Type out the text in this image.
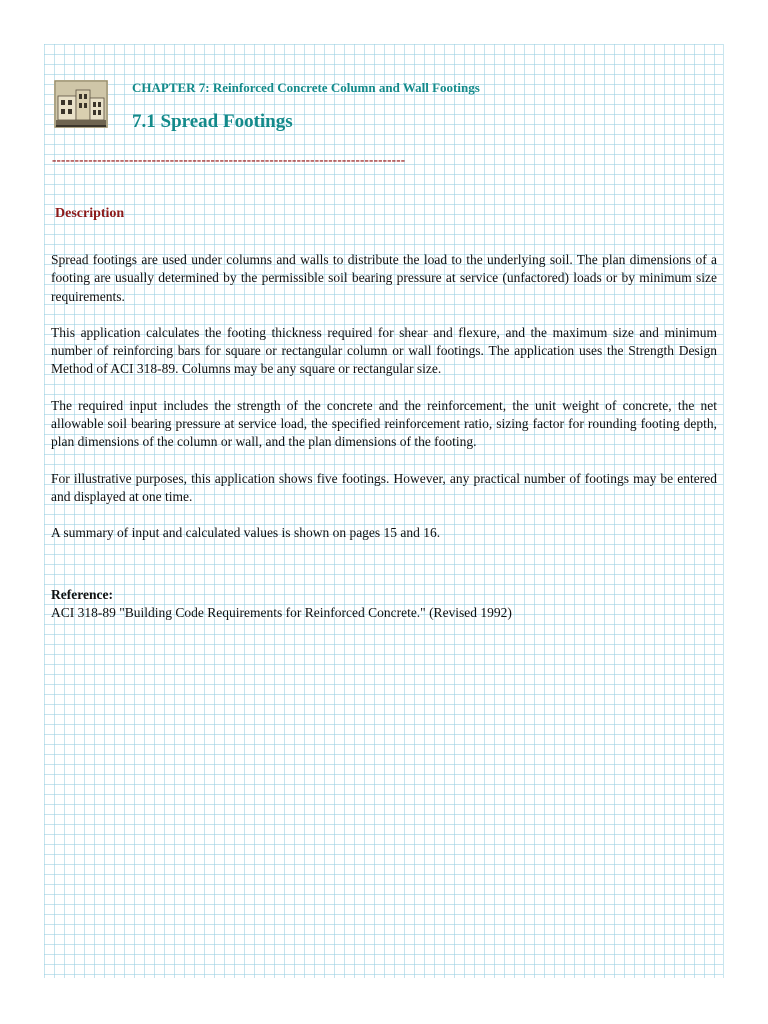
CHAPTER 7: Reinforced Concrete Column and Wall Footings
7.1 Spread Footings
------------------------------------------------------------------------------
Description

Spread footings are used under columns and walls to distribute the load to the underlying soil. The plan dimensions of a footing are usually determined by the permissible soil bearing pressure at service (unfactored) loads or by minimum size requirements.

This application calculates the footing thickness required for shear and flexure, and the maximum size and minimum number of reinforcing bars for square or rectangular column or wall footings. The application uses the Strength Design Method of ACI 318-89. Columns may be any square or rectangular size.

The required input includes the strength of the concrete and the reinforcement, the unit weight of concrete, the net allowable soil bearing pressure at service load, the specified reinforcement ratio, sizing factor for rounding footing depth, plan dimensions of the column or wall, and the plan dimensions of the footing.

For illustrative purposes, this application shows five footings. However, any practical number of footings may be entered and displayed at one time.

A summary of input and calculated values is shown on pages 15 and 16.

Reference:
ACI 318-89 "Building Code Requirements for Reinforced Concrete." (Revised 1992)
